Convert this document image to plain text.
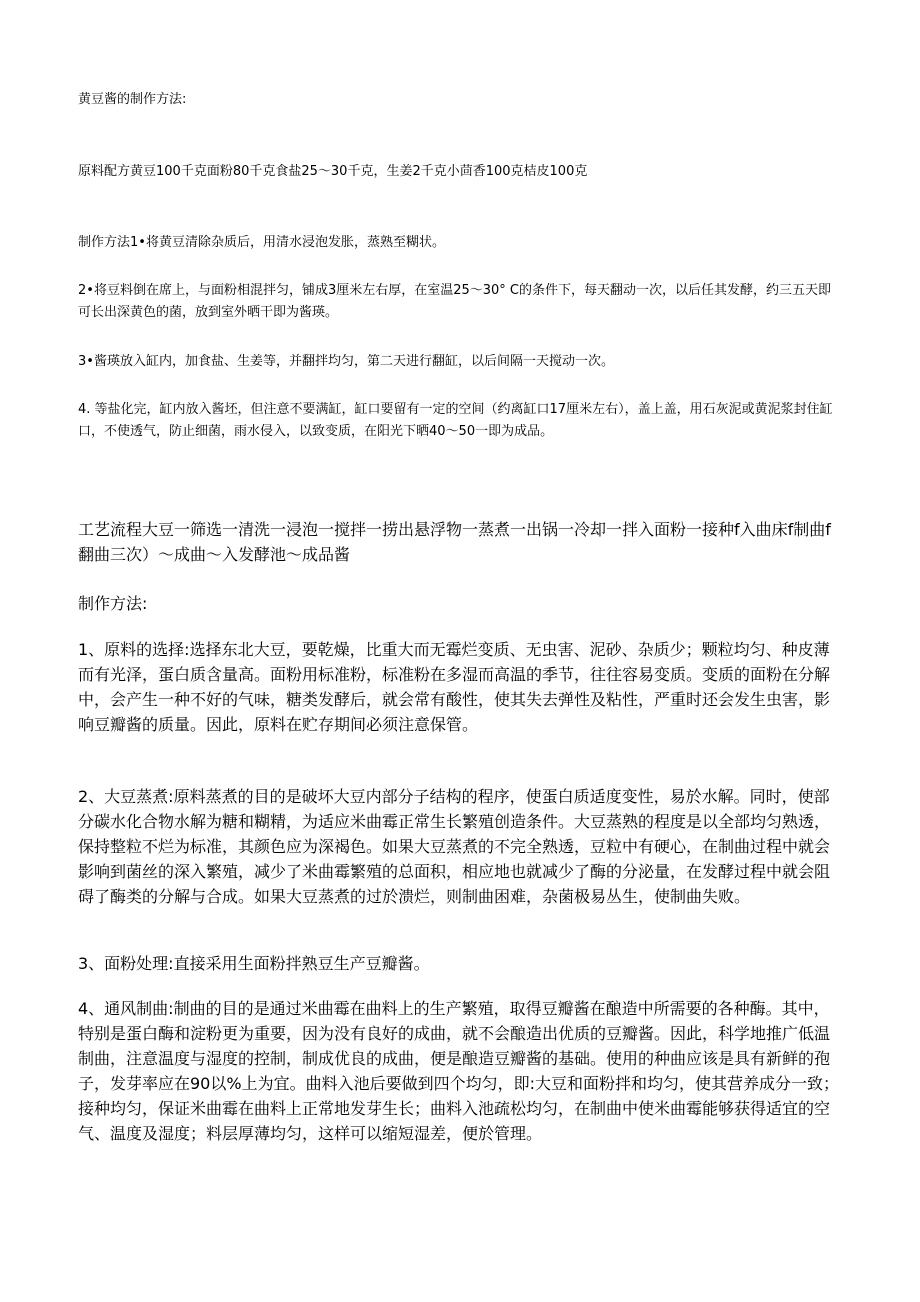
黄豆酱的制作方法:
原料配方黄豆100千克面粉80千克食盐25～30千克，生姜2千克小茴香100克桔皮100克
制作方法1•将黄豆清除杂质后，用清水浸泡发胀，蒸熟至糊状。
2•将豆料倒在席上，与面粉相混拌匀，铺成3厘米左右厚，在室温25～30° C的条件下，每天翻动一次，以后任其发酵，约三五天即可长出深黄色的菌，放到室外晒干即为酱瑛。
3•酱瑛放入缸内，加食盐、生姜等，并翻拌均匀，第二天进行翻缸，以后间隔一天搅动一次。
4. 等盐化完，缸内放入酱坯，但注意不要满缸，缸口要留有一定的空间（约离缸口17厘米左右），盖上盖，用石灰泥或黄泥浆封住缸口，不使透气，防止细菌，雨水侵入，以致变质，在阳光下晒40～50一即为成品。
工艺流程大豆一筛选一清洗一浸泡一搅拌一捞出悬浮物一蒸煮一出锅一冷却一拌入面粉一接种f入曲床f制曲f翻曲三次）～成曲～入发酵池～成品酱
制作方法:
1、原料的选择:选择东北大豆，要乾燥，比重大而无霉烂变质、无虫害、泥砂、杂质少；颗粒均匀、种皮薄而有光泽，蛋白质含量高。面粉用标准粉，标准粉在多湿而高温的季节，往往容易变质。变质的面粉在分解中，会产生一种不好的气味，糖类发酵后，就会常有酸性，使其失去弹性及粘性，严重时还会发生虫害，影响豆瓣酱的质量。因此，原料在贮存期间必须注意保管。
2、大豆蒸煮:原料蒸煮的目的是破坏大豆内部分子结构的程序，使蛋白质适度变性，易於水解。同时，使部分碳水化合物水解为糖和糊精，为适应米曲霉正常生长繁殖创造条件。大豆蒸熟的程度是以全部均匀熟透，保持整粒不烂为标准，其颜色应为深褐色。如果大豆蒸煮的不完全熟透，豆粒中有硬心，在制曲过程中就会影响到菌丝的深入繁殖，减少了米曲霉繁殖的总面积，相应地也就减少了酶的分泌量，在发酵过程中就会阻碍了酶类的分解与合成。如果大豆蒸煮的过於溃烂，则制曲困难，杂菌极易丛生，使制曲失败。
3、面粉处理:直接采用生面粉拌熟豆生产豆瓣酱。
4、通风制曲:制曲的目的是通过米曲霉在曲料上的生产繁殖，取得豆瓣酱在酿造中所需要的各种酶。其中，特别是蛋白酶和淀粉更为重要，因为没有良好的成曲，就不会酿造出优质的豆瓣酱。因此，科学地推广低温制曲，注意温度与湿度的控制，制成优良的成曲，便是酿造豆瓣酱的基础。使用的种曲应该是具有新鲜的孢子，发芽率应在90以%上为宜。曲料入池后要做到四个均匀，即:大豆和面粉拌和均匀，使其营养成分一致；接种均匀，保证米曲霉在曲料上正常地发芽生长；曲料入池疏松均匀，在制曲中使米曲霉能够获得适宜的空气、温度及湿度；料层厚薄均匀，这样可以缩短湿差，便於管理。
